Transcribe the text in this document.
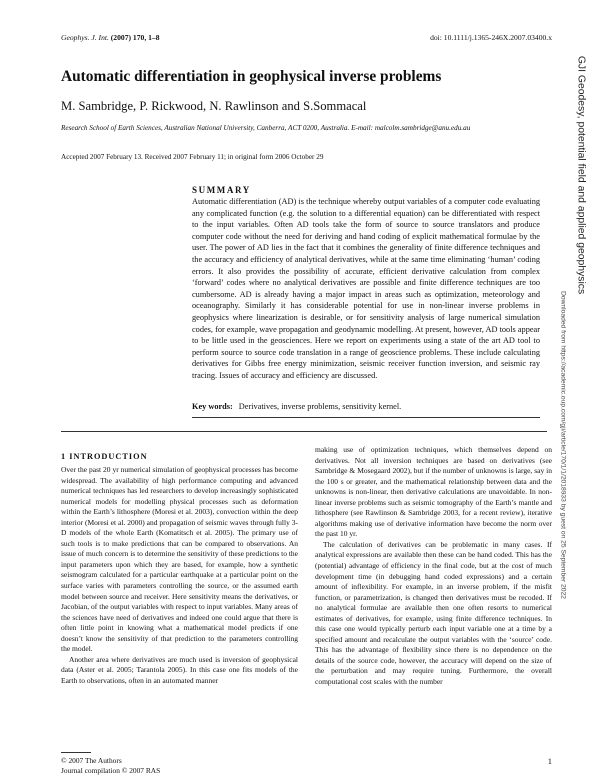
Geophys. J. Int. (2007) 170, 1–8	doi: 10.1111/j.1365-246X.2007.03400.x
Automatic differentiation in geophysical inverse problems
M. Sambridge, P. Rickwood, N. Rawlinson and S.Sommacal
Research School of Earth Sciences, Australian National University, Canberra, ACT 0200, Australia. E-mail: malcolm.sambridge@anu.edu.au
Accepted 2007 February 13. Received 2007 February 11; in original form 2006 October 29
SUMMARY
Automatic differentiation (AD) is the technique whereby output variables of a computer code evaluating any complicated function (e.g. the solution to a differential equation) can be differentiated with respect to the input variables. Often AD tools take the form of source to source translators and produce computer code without the need for deriving and hand coding of explicit mathematical formulae by the user. The power of AD lies in the fact that it combines the generality of finite difference techniques and the accuracy and efficiency of analytical derivatives, while at the same time eliminating ‘human’ coding errors. It also provides the possibility of accurate, efficient derivative calculation from complex ‘forward’ codes where no analytical derivatives are possible and finite difference techniques are too cumbersome. AD is already having a major impact in areas such as optimization, meteorology and oceanography. Similarly it has considerable potential for use in non-linear inverse problems in geophysics where linearization is desirable, or for sensitivity analysis of large numerical simulation codes, for example, wave propagation and geodynamic modelling. At present, however, AD tools appear to be little used in the geosciences. Here we report on experiments using a state of the art AD tool to perform source to source code translation in a range of geoscience problems. These include calculating derivatives for Gibbs free energy minimization, seismic receiver function inversion, and seismic ray tracing. Issues of accuracy and efficiency are discussed.
Key words: Derivatives, inverse problems, sensitivity kernel.
1 INTRODUCTION

Over the past 20 yr numerical simulation of geophysical processes has become widespread. The availability of high performance computing and advanced numerical techniques has led researchers to develop increasingly sophisticated numerical models for modelling physical processes such as deformation within the Earth’s lithosphere (Moresi et al. 2003), convection within the deep interior (Moresi et al. 2000) and propagation of seismic waves through fully 3-D models of the whole Earth (Komatitsch et al. 2005). The primary use of such tools is to make predictions that can be compared to observations. An issue of much concern is to determine the sensitivity of these predictions to the input parameters upon which they are based, for example, how a synthetic seismogram calculated for a particular earthquake at a particular point on the surface varies with parameters controlling the source, or the assumed earth model between source and receiver. Here sensitivity means the derivatives, or Jacobian, of the output variables with respect to input variables. Many areas of the sciences have need of derivatives and indeed one could argue that there is often little point in knowing what a mathematical model predicts if one doesn’t know the sensitivity of that prediction to the parameters controlling the model.

Another area where derivatives are much used is inversion of geophysical data (Aster et al. 2005; Tarantola 2005). In this case one fits models of the Earth to observations, often in an automated manner

making use of optimization techniques, which themselves depend on derivatives. Not all inversion techniques are based on derivatives (see Sambridge & Mosegaard 2002), but if the number of unknowns is large, say in the 100 s or greater, and the mathematical relationship between data and the unknowns is non-linear, then derivative calculations are unavoidable. In non-linear inverse problems such as seismic tomography of the Earth’s mantle and lithosphere (see Rawlinson & Sambridge 2003, for a recent review), iterative algorithms making use of derivative information have become the norm over the past 10 yr.

The calculation of derivatives can be problematic in many cases. If analytical expressions are available then these can be hand coded. This has the (potential) advantage of efficiency in the final code, but at the cost of much development time (in debugging hand coded expressions) and a certain amount of inflexibility. For example, in an inverse problem, if the misfit function, or parametrization, is changed then derivatives must be recoded. If no analytical formulae are available then one often resorts to numerical estimates of derivatives, for example, using finite difference techniques. In this case one would typically perturb each input variable one at a time by a specified amount and recalculate the output variables with the ‘source’ code. This has the advantage of flexibility since there is no dependence on the details of the source code, however, the accuracy will depend on the size of the perturbation and may require tuning. Furthermore, the overall computational cost scales with the number

© 2007 The Authors
Journal compilation © 2007 RAS
1
GJI Geodesy, potential field and applied geophysics
Downloaded from https://academic.oup.com/gji/article/170/1/1/2018933 by guest on 25 September 2022
